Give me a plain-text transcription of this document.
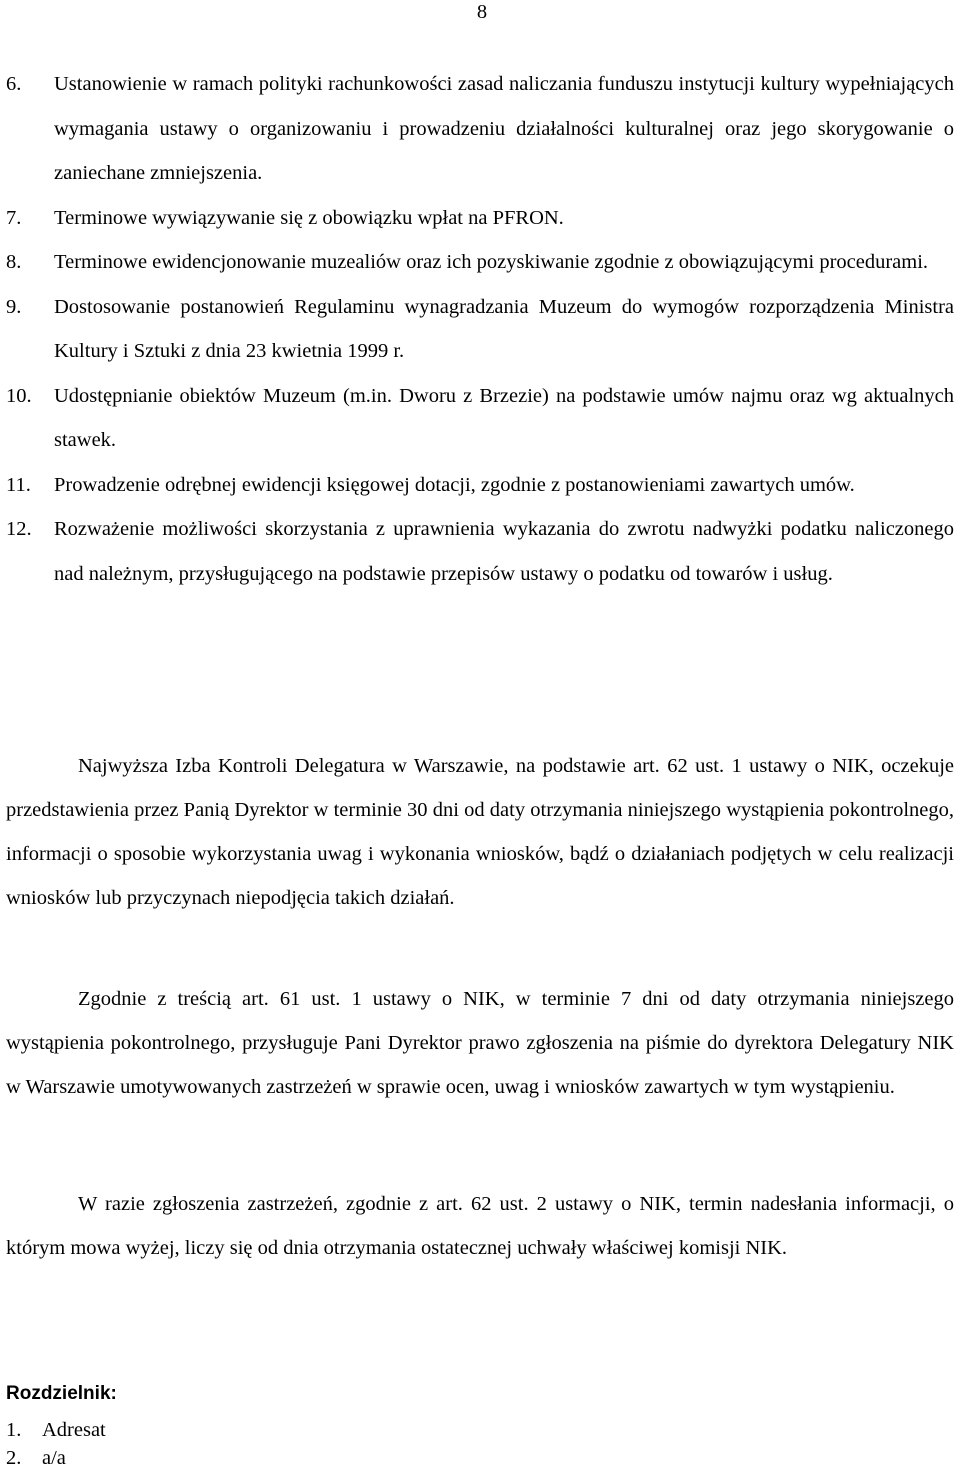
8
6. Ustanowienie w ramach polityki rachunkowości zasad naliczania funduszu instytucji kultury wypełniających wymagania ustawy o organizowaniu i prowadzeniu działalności kulturalnej oraz jego skorygowanie o zaniechane zmniejszenia.
7. Terminowe wywiązywanie się z obowiązku wpłat na PFRON.
8. Terminowe ewidencjonowanie muzealiów oraz ich pozyskiwanie zgodnie z obowiązującymi procedurami.
9. Dostosowanie postanowień Regulaminu wynagradzania Muzeum do wymogów rozporządzenia Ministra Kultury i Sztuki z dnia 23 kwietnia 1999 r.
10. Udostępnianie obiektów Muzeum (m.in. Dworu z Brzezie) na podstawie umów najmu oraz wg aktualnych stawek.
11. Prowadzenie odrębnej ewidencji księgowej dotacji, zgodnie z postanowieniami zawartych umów.
12. Rozważenie możliwości skorzystania z uprawnienia wykazania do zwrotu nadwyżki podatku naliczonego nad należnym, przysługującego na podstawie przepisów ustawy o podatku od towarów i usług.

Najwyższa Izba Kontroli Delegatura w Warszawie, na podstawie art. 62 ust. 1 ustawy o NIK, oczekuje przedstawienia przez Panią Dyrektor w terminie 30 dni od daty otrzymania niniejszego wystąpienia pokontrolnego, informacji o sposobie wykorzystania uwag i wykonania wniosków, bądź o działaniach podjętych w celu realizacji wniosków lub przyczynach niepodjęcia takich działań.

Zgodnie z treścią art. 61 ust. 1 ustawy o NIK, w terminie 7 dni od daty otrzymania niniejszego wystąpienia pokontrolnego, przysługuje Pani Dyrektor prawo zgłoszenia na piśmie do dyrektora Delegatury NIK w Warszawie umotywowanych zastrzeżeń w sprawie ocen, uwag i wniosków zawartych w tym wystąpieniu.

W razie zgłoszenia zastrzeżeń, zgodnie z art. 62 ust. 2 ustawy o NIK, termin nadesłania informacji, o którym mowa wyżej, liczy się od dnia otrzymania ostatecznej uchwały właściwej komisji NIK.

Rozdzielnik:
1. Adresat
2. a/a
